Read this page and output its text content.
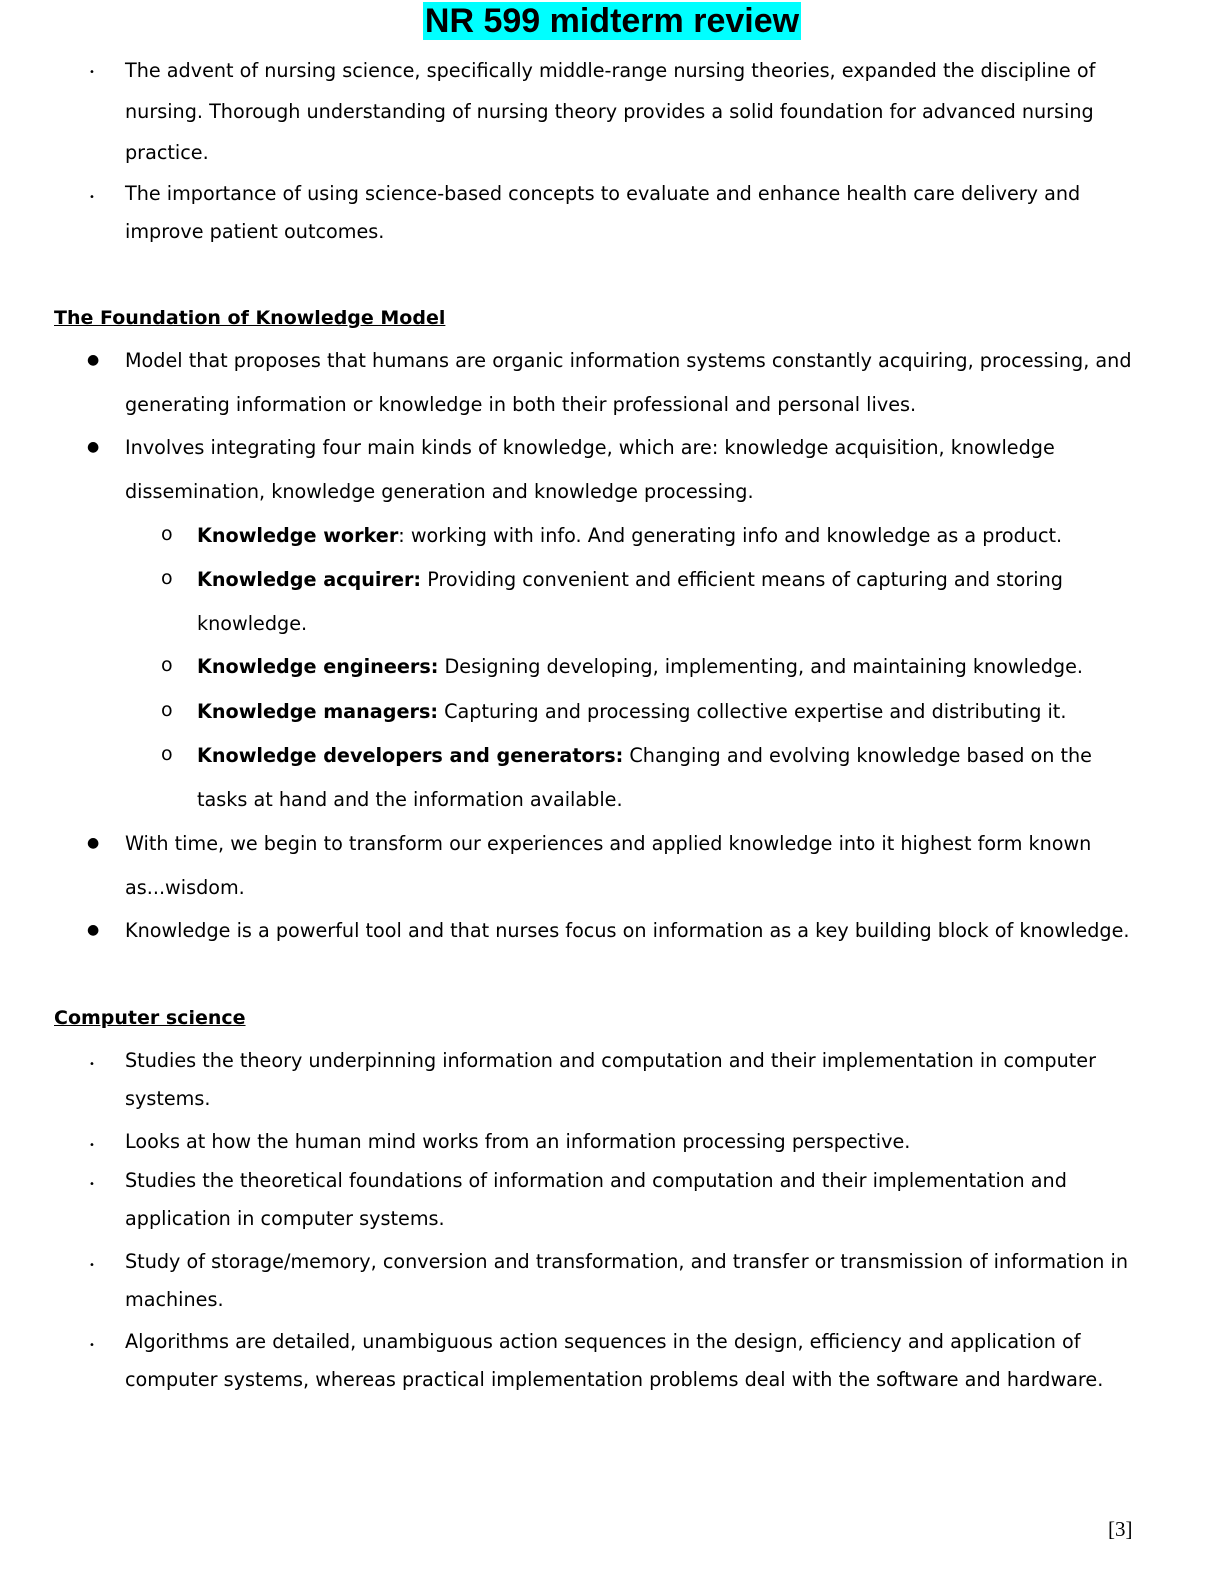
NR 599 midterm review
• The advent of nursing science, specifically middle-range nursing theories, expanded the discipline of nursing. Thorough understanding of nursing theory provides a solid foundation for advanced nursing practice.
• The importance of using science-based concepts to evaluate and enhance health care delivery and improve patient outcomes.
The Foundation of Knowledge Model
● Model that proposes that humans are organic information systems constantly acquiring, processing, and generating information or knowledge in both their professional and personal lives.
● Involves integrating four main kinds of knowledge, which are: knowledge acquisition, knowledge dissemination, knowledge generation and knowledge processing.
o Knowledge worker: working with info. And generating info and knowledge as a product.
o Knowledge acquirer: Providing convenient and efficient means of capturing and storing knowledge.
o Knowledge engineers: Designing developing, implementing, and maintaining knowledge.
o Knowledge managers: Capturing and processing collective expertise and distributing it.
o Knowledge developers and generators: Changing and evolving knowledge based on the tasks at hand and the information available.
● With time, we begin to transform our experiences and applied knowledge into it highest form known as...wisdom.
● Knowledge is a powerful tool and that nurses focus on information as a key building block of knowledge.
Computer science
• Studies the theory underpinning information and computation and their implementation in computer systems.
• Looks at how the human mind works from an information processing perspective.
• Studies the theoretical foundations of information and computation and their implementation and application in computer systems.
• Study of storage/memory, conversion and transformation, and transfer or transmission of information in machines.
• Algorithms are detailed, unambiguous action sequences in the design, efficiency and application of computer systems, whereas practical implementation problems deal with the software and hardware.
[3]
